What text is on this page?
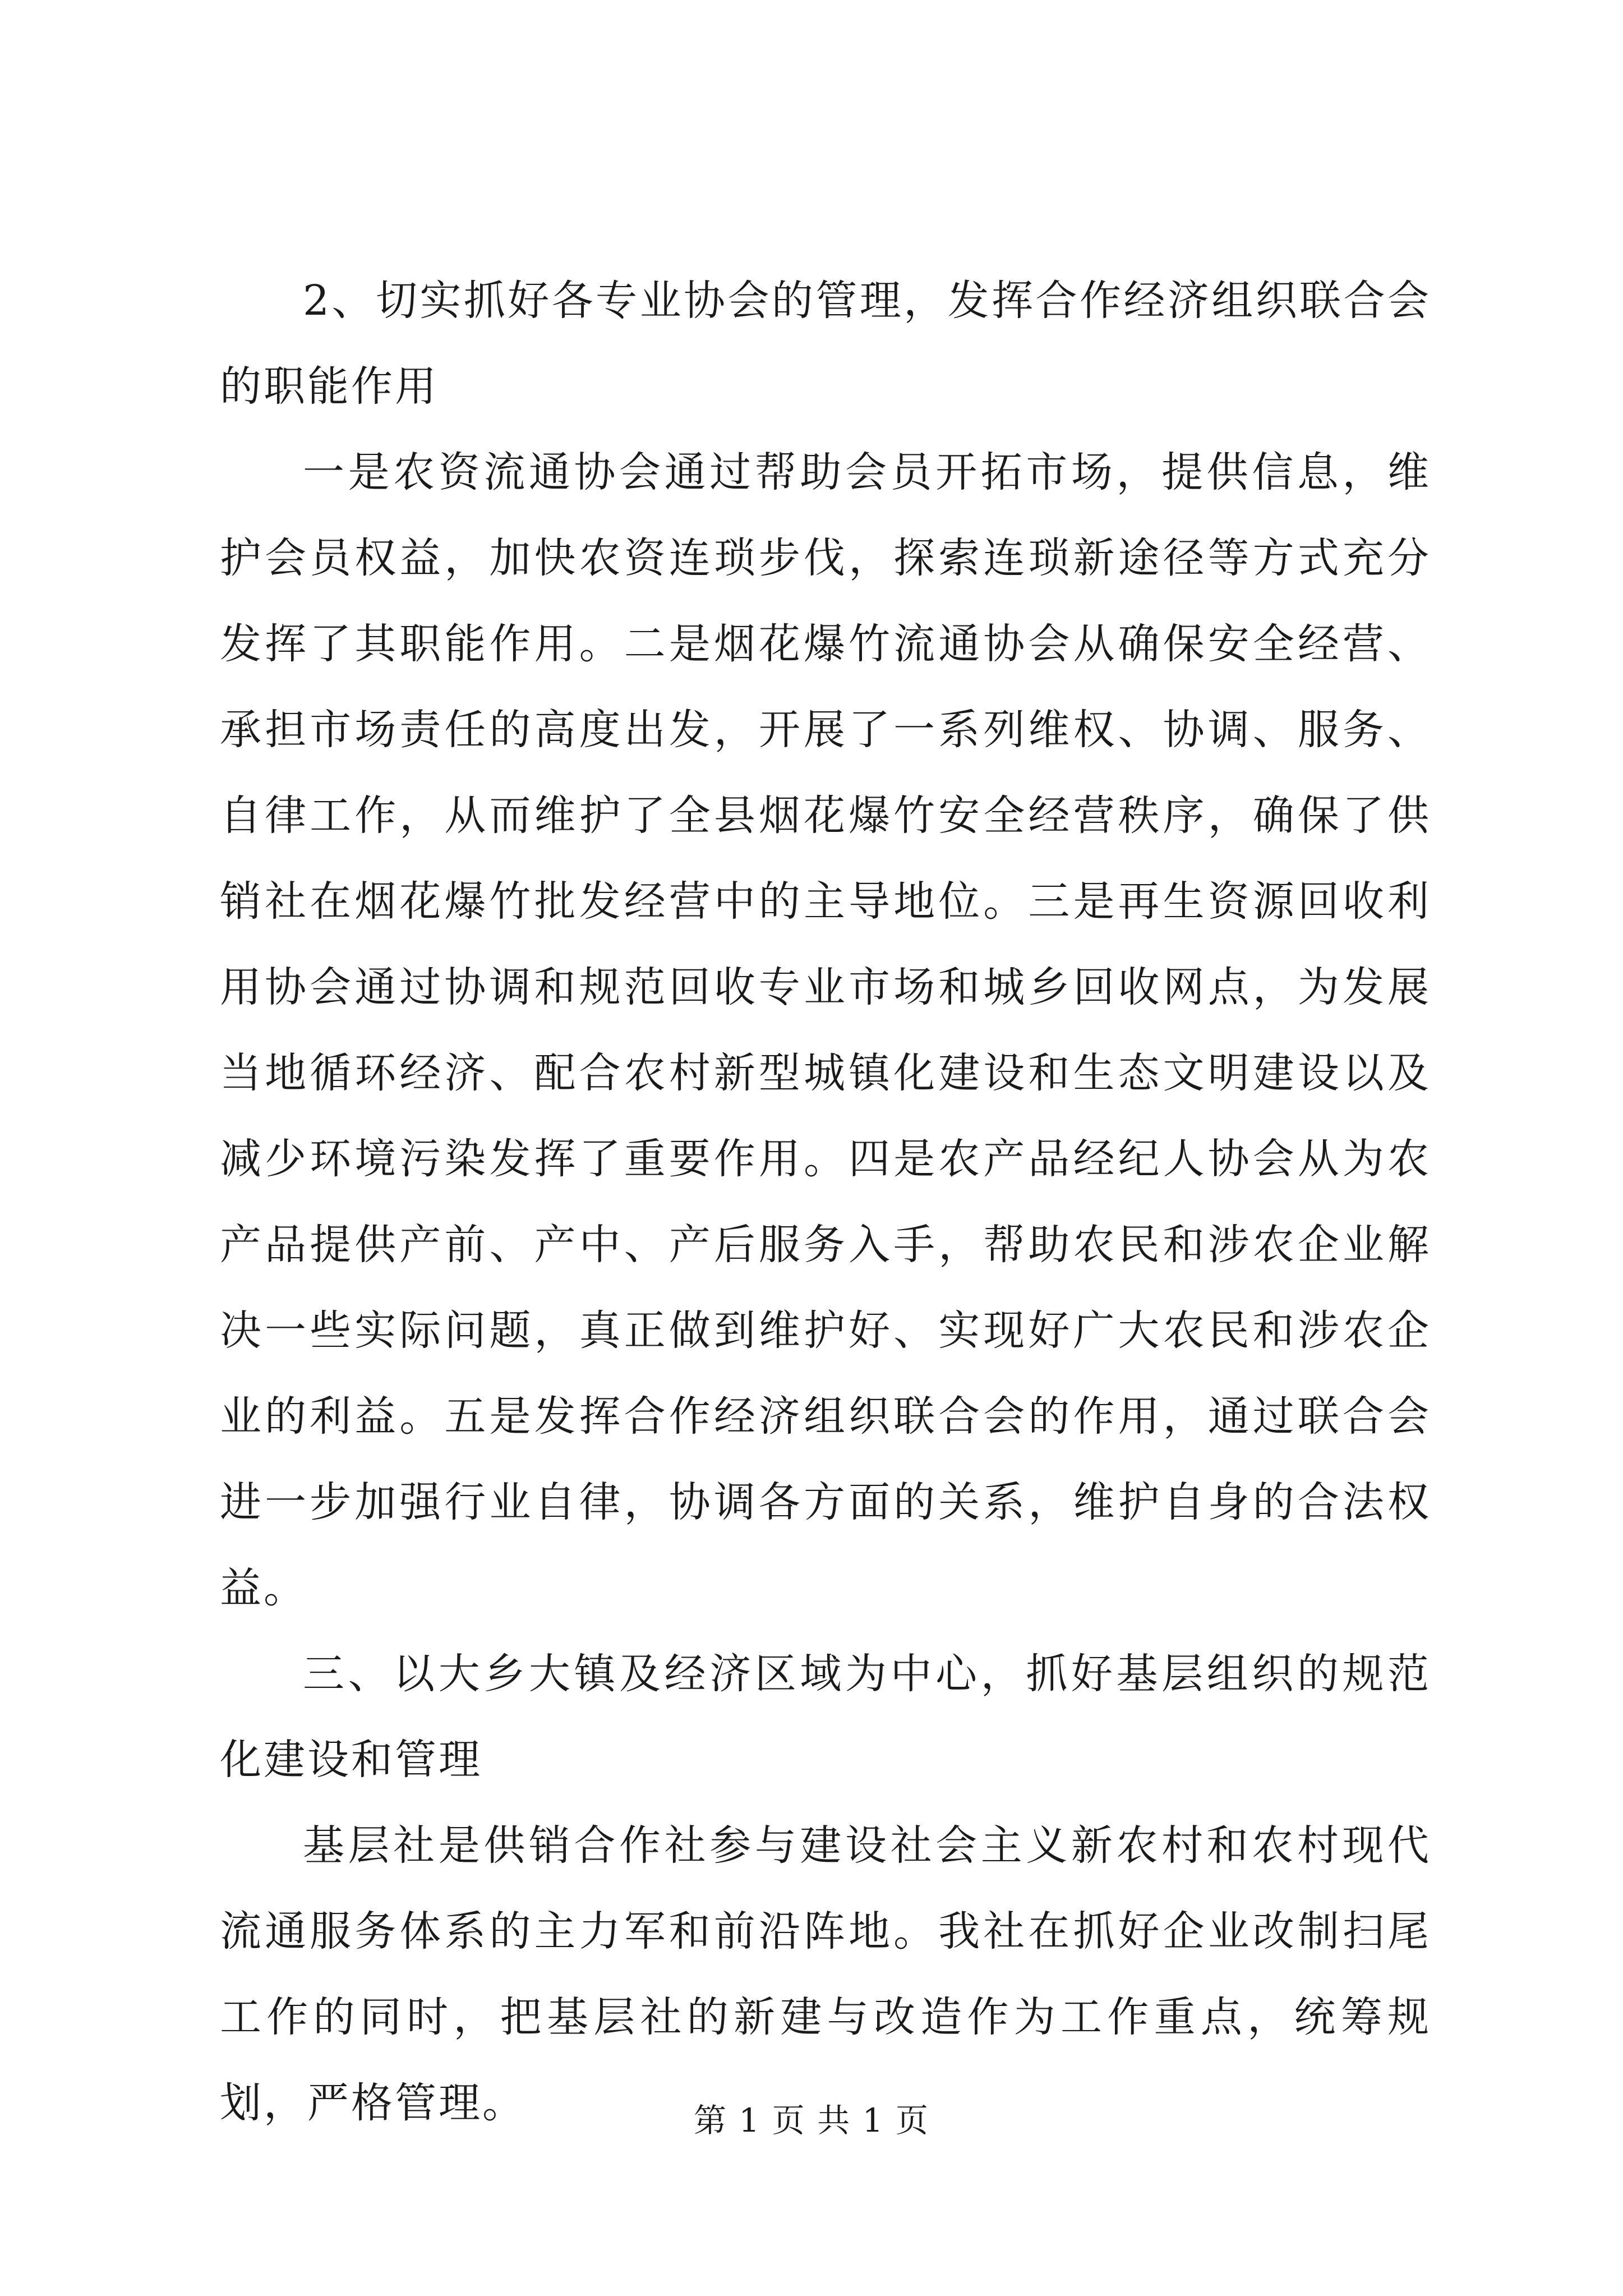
2、切实抓好各专业协会的管理，发挥合作经济组织联合会的职能作用

一是农资流通协会通过帮助会员开拓市场，提供信息，维护会员权益，加快农资连琐步伐，探索连琐新途径等方式充分发挥了其职能作用。二是烟花爆竹流通协会从确保安全经营、承担市场责任的高度出发，开展了一系列维权、协调、服务、自律工作，从而维护了全县烟花爆竹安全经营秩序，确保了供销社在烟花爆竹批发经营中的主导地位。三是再生资源回收利用协会通过协调和规范回收专业市场和城乡回收网点，为发展当地循环经济、配合农村新型城镇化建设和生态文明建设以及减少环境污染发挥了重要作用。四是农产品经纪人协会从为农产品提供产前、产中、产后服务入手，帮助农民和涉农企业解决一些实际问题，真正做到维护好、实现好广大农民和涉农企业的利益。五是发挥合作经济组织联合会的作用，通过联合会进一步加强行业自律，协调各方面的关系，维护自身的合法权益。

三、以大乡大镇及经济区域为中心，抓好基层组织的规范化建设和管理

基层社是供销合作社参与建设社会主义新农村和农村现代流通服务体系的主力军和前沿阵地。我社在抓好企业改制扫尾工作的同时，把基层社的新建与改造作为工作重点，统筹规划，严格管理。	第 1 页 共 1 页
